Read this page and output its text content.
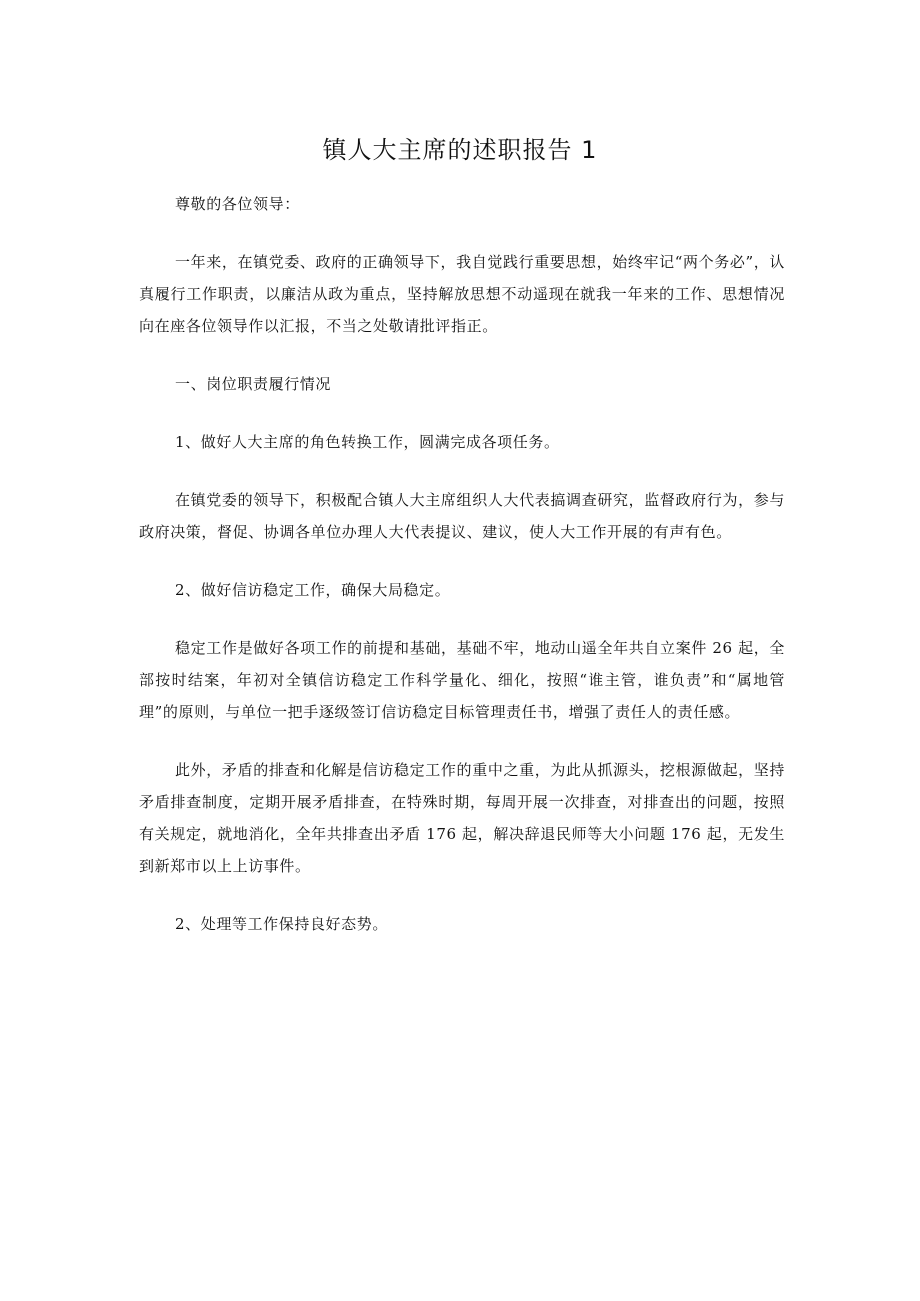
镇人大主席的述职报告 1

尊敬的各位领导：

一年来，在镇党委、政府的正确领导下，我自觉践行重要思想，始终牢记“两个务必”，认真履行工作职责，以廉洁从政为重点，坚持解放思想不动遥现在就我一年来的工作、思想情况向在座各位领导作以汇报，不当之处敬请批评指正。

一、岗位职责履行情况

1、做好人大主席的角色转换工作，圆满完成各项任务。

在镇党委的领导下，积极配合镇人大主席组织人大代表搞调查研究，监督政府行为，参与政府决策，督促、协调各单位办理人大代表提议、建议，使人大工作开展的有声有色。

2、做好信访稳定工作，确保大局稳定。

稳定工作是做好各项工作的前提和基础，基础不牢，地动山遥全年共自立案件 26 起，全部按时结案，年初对全镇信访稳定工作科学量化、细化，按照“谁主管，谁负责”和“属地管理”的原则，与单位一把手逐级签订信访稳定目标管理责任书，增强了责任人的责任感。

此外，矛盾的排查和化解是信访稳定工作的重中之重，为此从抓源头，挖根源做起，坚持矛盾排查制度，定期开展矛盾排查，在特殊时期，每周开展一次排查，对排查出的问题，按照有关规定，就地消化，全年共排查出矛盾 176 起，解决辞退民师等大小问题 176 起，无发生到新郑市以上上访事件。

2、处理等工作保持良好态势。
